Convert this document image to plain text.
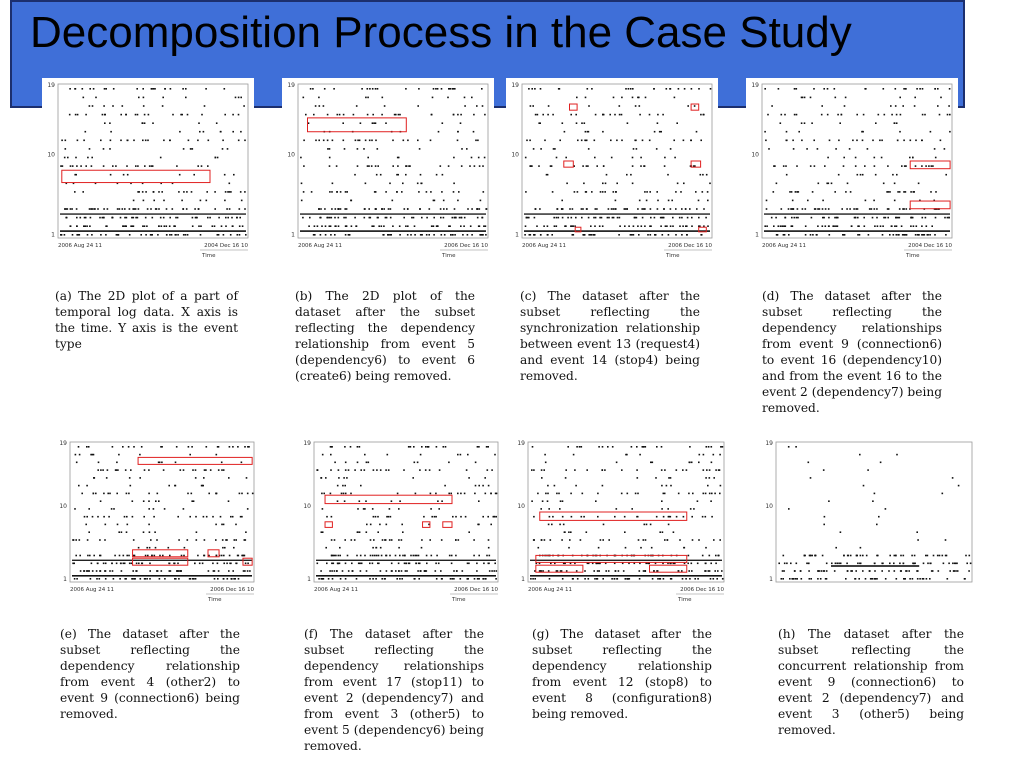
Decomposition Process in the Case Study
19
10
1
2006 Aug 24 11	2004 Dec 16 10
Time
19
10
1
2006 Aug 24 11	2006 Dec 16 10
Time
19
10
1
2006 Aug 24 11	2006 Dec 16 10
Time
19
10
1
2006 Aug 24 11	2004 Dec 16 10
Time
(a) The 2D plot of a part of temporal log data. X axis is the time. Y axis is the event type
(b) The 2D plot of the dataset after the subset reflecting the dependency relationship from event 5 (dependency6) to event 6 (create6) being removed.
(c) The dataset after the subset reflecting the synchronization relationship between event 13 (request4) and event 14 (stop4) being removed.
(d) The dataset after the subset reflecting the dependency relationships from event 9 (connection6) to event 16 (dependency10) and from the event 16 to the event 2 (dependency7) being removed.
19
10
1
2006 Aug 24 11	2006 Dec 16 10
Time
19
10
1
2006 Aug 24 11	2006 Dec 16 10
Time
19
10
1
2006 Aug 24 11	2006 Dec 16 10
Time
19
10
1
(e) The dataset after the subset reflecting the dependency relationship from event 4 (other2) to event 9 (connection6) being removed.
(f) The dataset after the subset reflecting the dependency relationships from event 17 (stop11) to event 2 (dependency7) and from event 3 (other5) to event 5 (dependency6) being removed.
(g) The dataset after the subset reflecting the dependency relationship from event 12 (stop8) to event 8 (configuration8) being removed.
(h) The dataset after the subset reflecting the concurrent relationship from event 9 (connection6) to event 2 (dependency7) and event 3 (other5) being removed.
